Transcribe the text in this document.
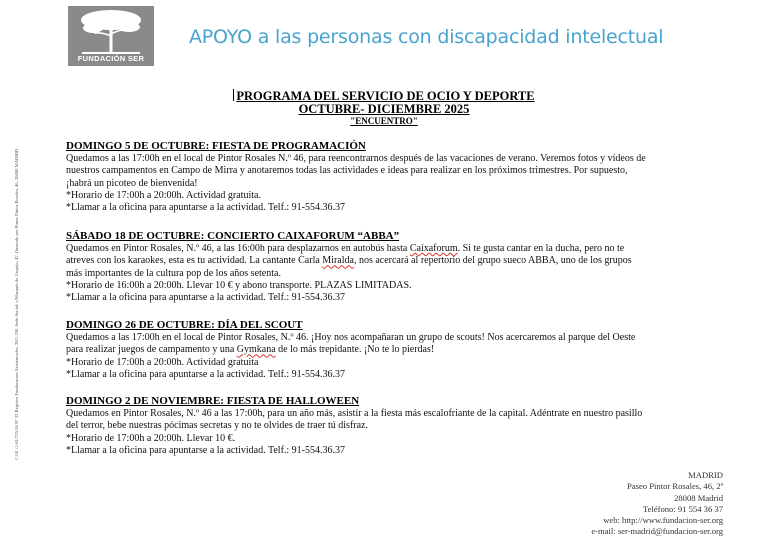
FUNDACIÓN SER
APOYO a las personas con discapacidad intelectual
C.I.F. G-81/725/18 Nº 32 Registro Fundaciones Asistenciales, 28/1.190. Sede Social: c/Marqués de Urquijo, 47. Ilustrado por Pintor Pintor Rosales, 46, 28008 MADRID
PROGRAMA DEL SERVICIO DE OCIO Y DEPORTE
OCTUBRE- DICIEMBRE 2025
"ENCUENTRO"
DOMINGO 5 DE OCTUBRE: FIESTA DE PROGRAMACIÓN

Quedamos a las 17:00h en el local de Pintor Rosales N.º 46, para reencontrarnos después de las vacaciones de verano. Veremos fotos y vídeos de nuestros campamentos en Campo de Mirra y anotaremos todas las actividades e ideas para realizar en los próximos trimestres. Por supuesto, ¡habrá un picoteo de bienvenida!

*Horario de 17:00h a 20:00h. Actividad gratuita.

*Llamar a la oficina para apuntarse a la actividad. Telf.: 91-554.36.37

SÁBADO 18 DE OCTUBRE: CONCIERTO CAIXAFORUM “ABBA”

Quedamos en Pintor Rosales, N.º 46, a las 16:00h para desplazarnos en autobús hasta Caixaforum. Si te gusta cantar en la ducha, pero no te atreves con los karaokes, esta es tu actividad. La cantante Carla Miralda, nos acercará al repertorio del grupo sueco ABBA, uno de los grupos más importantes de la cultura pop de los años setenta.

*Horario de 16:00h a 20:00h. Llevar 10 € y abono transporte. PLAZAS LIMITADAS.

*Llamar a la oficina para apuntarse a la actividad. Telf.: 91-554.36.37

DOMINGO 26 DE OCTUBRE: DÍA DEL SCOUT

Quedamos a las 17:00h en el local de Pintor Rosales, N.º 46. ¡Hoy nos acompañaran un grupo de scouts! Nos acercaremos al parque del Oeste para realizar juegos de campamento y una Gymkana de lo más trepidante. ¡No te lo pierdas!

*Horario de 17:00h a 20:00h. Actividad gratuita

*Llamar a la oficina para apuntarse a la actividad. Telf.: 91-554.36.37

DOMINGO 2 DE NOVIEMBRE: FIESTA DE HALLOWEEN

Quedamos en Pintor Rosales, N.º 46 a las 17:00h, para un año más, asistir a la fiesta más escalofriante de la capital. Adéntrate en nuestro pasillo del terror, bebe nuestras pócimas secretas y no te olvides de traer tú disfraz.

*Horario de 17:00h a 20:00h. Llevar 10 €.

*Llamar a la oficina para apuntarse a la actividad. Telf.: 91-554.36.37

MADRID
Paseo Pintor Rosales, 46, 2ª
28008 Madrid
Teléfono: 91 554 36 37
web: http://www.fundacion-ser.org
e-mail: ser-madrid@fundacion-ser.org
